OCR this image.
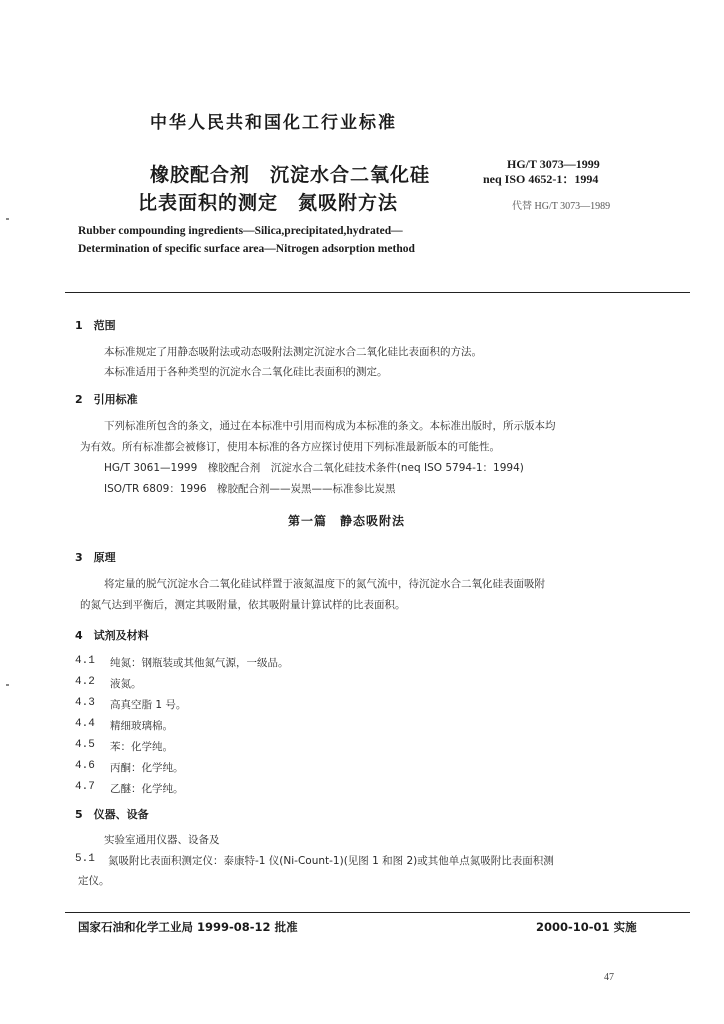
中华人民共和国化工行业标准
橡胶配合剂　沉淀水合二氧化硅
比表面积的测定　氮吸附方法
HG/T 3073—1999
neq ISO 4652-1：1994
代替 HG/T 3073—1989
Rubber compounding ingredients—Silica,precipitated,hydrated—
Determination of specific surface area—Nitrogen adsorption method
1　范围
本标准规定了用静态吸附法或动态吸附法测定沉淀水合二氧化硅比表面积的方法。
本标准适用于各种类型的沉淀水合二氧化硅比表面积的测定。
2　引用标准
下列标准所包含的条文，通过在本标准中引用而构成为本标准的条文。本标准出版时，所示版本均
为有效。所有标准都会被修订，使用本标准的各方应探讨使用下列标准最新版本的可能性。
HG/T 3061—1999　橡胶配合剂　沉淀水合二氧化硅技术条件(neq ISO 5794-1：1994)
ISO/TR 6809：1996　橡胶配合剂——炭黑——标准参比炭黑
第一篇　静态吸附法
3　原理
将定量的脱气沉淀水合二氧化硅试样置于液氮温度下的氮气流中，待沉淀水合二氧化硅表面吸附
的氮气达到平衡后，测定其吸附量，依其吸附量计算试样的比表面积。
4　试剂及材料
4.1 纯氮：钢瓶装或其他氮气源，一级品。
4.2 液氮。
4.3 高真空脂 1 号。
4.4 精细玻璃棉。
4.5 苯：化学纯。
4.6 丙酮：化学纯。
4.7 乙醚：化学纯。
5　仪器、设备
实验室通用仪器、设备及
5.1 氮吸附比表面积测定仪：泰康特-1 仪(Ni-Count-1)(见图 1 和图 2)或其他单点氮吸附比表面积测
定仪。
国家石油和化学工业局 1999-08-12 批准	2000-10-01 实施
47
